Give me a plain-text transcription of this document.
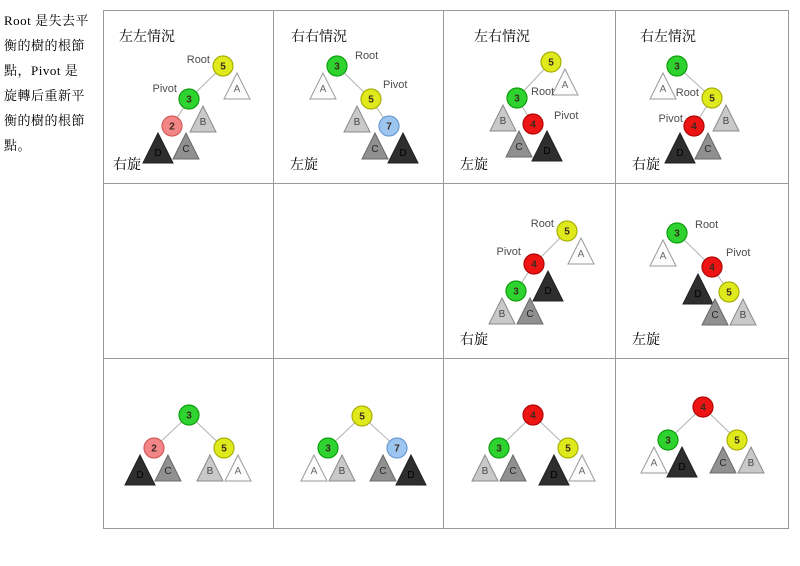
Root 是失去平
衡的樹的根節
點，Pivot 是
旋轉后重新平
衡的樹的根節
點。
A
B
D C
5
3
2
Root
Pivot
左左情況
右旋
A
B
C D
3
5
7
Root
Pivot
右右情況
左旋
A
B
C D
5
3
4
Root
Pivot
左右情況
左旋
A
B
D C
3
5
4
Root
Pivot
右左情況
右旋
A
D
B C
5
4
3
Root
Pivot
右旋
A
D
C B
3
4
5
Root
Pivot
左旋
D C	B A
3
2	5
A B	C D
5
3	7
B C	D A
4
3	5
A D	C B
4
3	5
